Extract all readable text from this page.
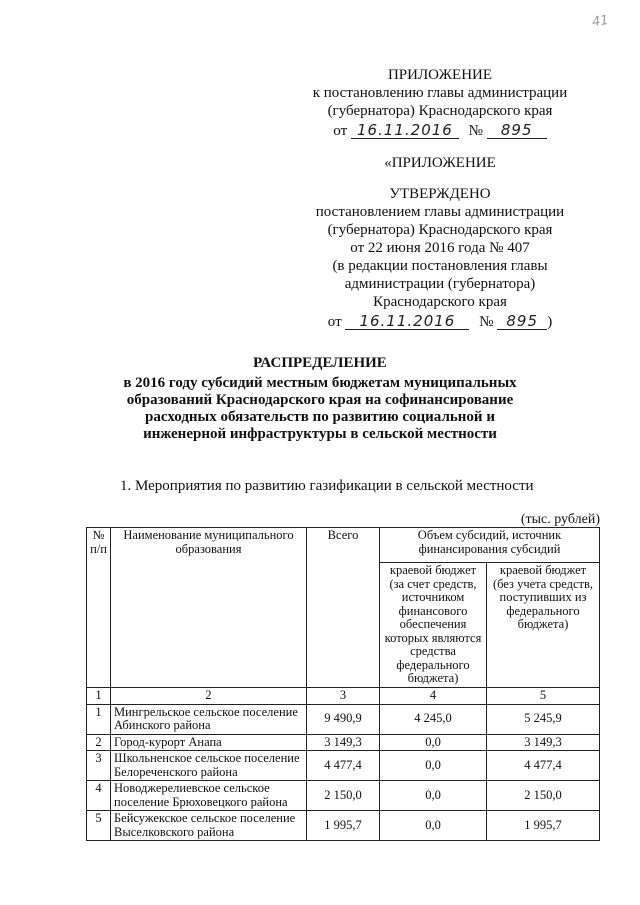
41
ПРИЛОЖЕНИЕ
к постановлению главы администрации
(губернатора) Краснодарского края
от 16.11.2016 № 895
«ПРИЛОЖЕНИЕ
УТВЕРЖДЕНО
постановлением главы администрации
(губернатора) Краснодарского края
от 22 июня 2016 года № 407
(в редакции постановления главы
администрации (губернатора)
Краснодарского края
от 16.11.2016 № 895 )
РАСПРЕДЕЛЕНИЕ
в 2016 году субсидий местным бюджетам муниципальных
образований Краснодарского края на софинансирование
расходных обязательств по развитию социальной и
инженерной инфраструктуры в сельской местности
1. Мероприятия по развитию газификации в сельской местности
(тыс. рублей)
№ п/п	Наименование муниципального образования	Всего	Объем субсидий, источник финансирования субсидий	
			краевой бюджет (за счет средств, источником финансового обеспечения которых являются средства федерального бюджета)	краевой бюджет (без учета средств, поступивших из федерального бюджета)
1	2	3	4	5
1	Мингрельское сельское поселение Абинского района	9 490,9	4 245,0	5 245,9
2	Город-курорт Анапа	3 149,3	0,0	3 149,3
3	Школьненское сельское поселение Белореченского района	4 477,4	0,0	4 477,4
4	Новоджерелиевское сельское поселение Брюховецкого района	2 150,0	0,0	2 150,0
5	Бейсужекское сельское поселение Выселковского района	1 995,7	0,0	1 995,7
